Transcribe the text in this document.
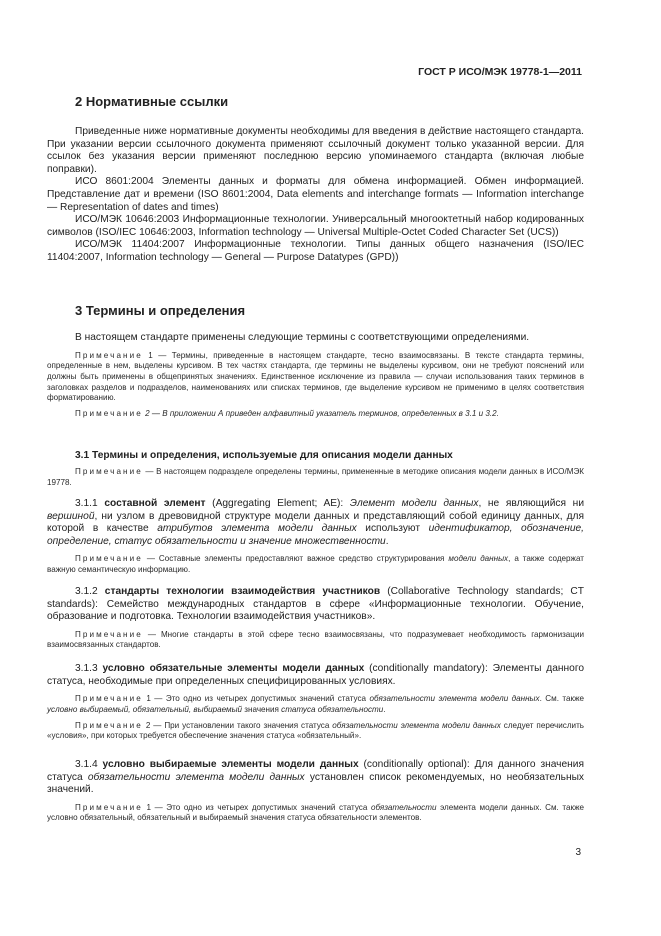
ГОСТ Р ИСО/МЭК 19778-1—2011
2 Нормативные ссылки

Приведенные ниже нормативные документы необходимы для введения в действие настоящего стандарта. При указании версии ссылочного документа применяют ссылочный документ только указанной версии. Для ссылок без указания версии применяют последнюю версию упоминаемого стандарта (включая любые поправки).

ИСО 8601:2004 Элементы данных и форматы для обмена информацией. Обмен информацией. Представление дат и времени (ISO 8601:2004, Data elements and interchange formats — Information interchange — Representation of dates and times)

ИСО/МЭК 10646:2003 Информационные технологии. Универсальный многооктетный набор кодированных символов (ISO/IEC 10646:2003, Information technology — Universal Multiple-Octet Coded Character Set (UCS))

ИСО/МЭК 11404:2007 Информационные технологии. Типы данных общего назначения (ISO/IEC 11404:2007, Information technology — General — Purpose Datatypes (GPD))

3 Термины и определения

В настоящем стандарте применены следующие термины с соответствующими определениями.

Примечание 1 — Термины, приведенные в настоящем стандарте, тесно взаимосвязаны. В тексте стандарта термины, определенные в нем, выделены курсивом. В тех частях стандарта, где термины не выделены курсивом, они не требуют пояснений или должны быть применены в общепринятых значениях. Единственное исключение из правила — случаи использования таких терминов в заголовках разделов и подразделов, наименованиях или списках терминов, где выделение курсивом не применимо в целях соответствия форматированию.

Примечание 2 — В приложении А приведен алфавитный указатель терминов, определенных в 3.1 и 3.2.

3.1 Термины и определения, используемые для описания модели данных

Примечание — В настоящем подразделе определены термины, примененные в методике описания модели данных в ИСО/МЭК 19778.

3.1.1 составной элемент (Aggregating Element; AE): Элемент модели данных, не являющийся ни вершиной, ни узлом в древовидной структуре модели данных и представляющий собой единицу данных, для которой в качестве атрибутов элемента модели данных используют идентификатор, обозначение, определение, статус обязательности и значение множественности.

Примечание — Составные элементы предоставляют важное средство структурирования модели данных, а также содержат важную семантическую информацию.

3.1.2 стандарты технологии взаимодействия участников (Collaborative Technology standards; CT standards): Семейство международных стандартов в сфере «Информационные технологии. Обучение, образование и подготовка. Технологии взаимодействия участников».

Примечание — Многие стандарты в этой сфере тесно взаимосвязаны, что подразумевает необходимость гармонизации взаимосвязанных стандартов.

3.1.3 условно обязательные элементы модели данных (conditionally mandatory): Элементы данного статуса, необходимые при определенных специфицированных условиях.

Примечание 1 — Это одно из четырех допустимых значений статуса обязательности элемента модели данных. См. также условно выбираемый, обязательный, выбираемый значения статуса обязательности.

Примечание 2 — При установлении такого значения статуса обязательности элемента модели данных следует перечислить «условия», при которых требуется обеспечение значения статуса «обязательный».

3.1.4 условно выбираемые элементы модели данных (conditionally optional): Для данного значения статуса обязательности элемента модели данных установлен список рекомендуемых, но необязательных значений.

Примечание 1 — Это одно из четырех допустимых значений статуса обязательности элемента модели данных. См. также условно обязательный, обязательный и выбираемый значения статуса обязательности элементов.

3
